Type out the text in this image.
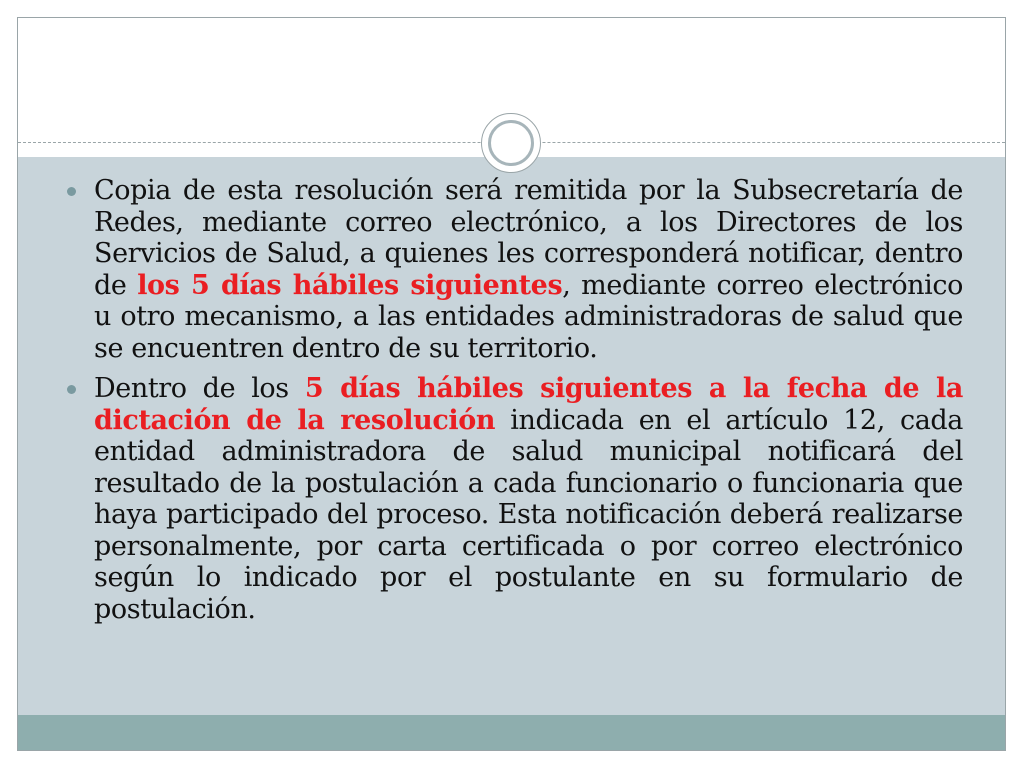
Copia de esta resolución será remitida por la Subsecretaría de Redes, mediante correo electrónico, a los Directores de los Servicios de Salud, a quienes les corresponderá notificar, dentro de los 5 días hábiles siguientes, mediante correo electrónico u otro mecanismo, a las entidades administradoras de salud que se encuentren dentro de su territorio.
Dentro de los 5 días hábiles siguientes a la fecha de la dictación de la resolución indicada en el artículo 12, cada entidad administradora de salud municipal notificará del resultado de la postulación a cada funcionario o funcionaria que haya participado del proceso. Esta notificación deberá realizarse personalmente, por carta certificada o por correo electrónico según lo indicado por el postulante en su formulario de postulación.
